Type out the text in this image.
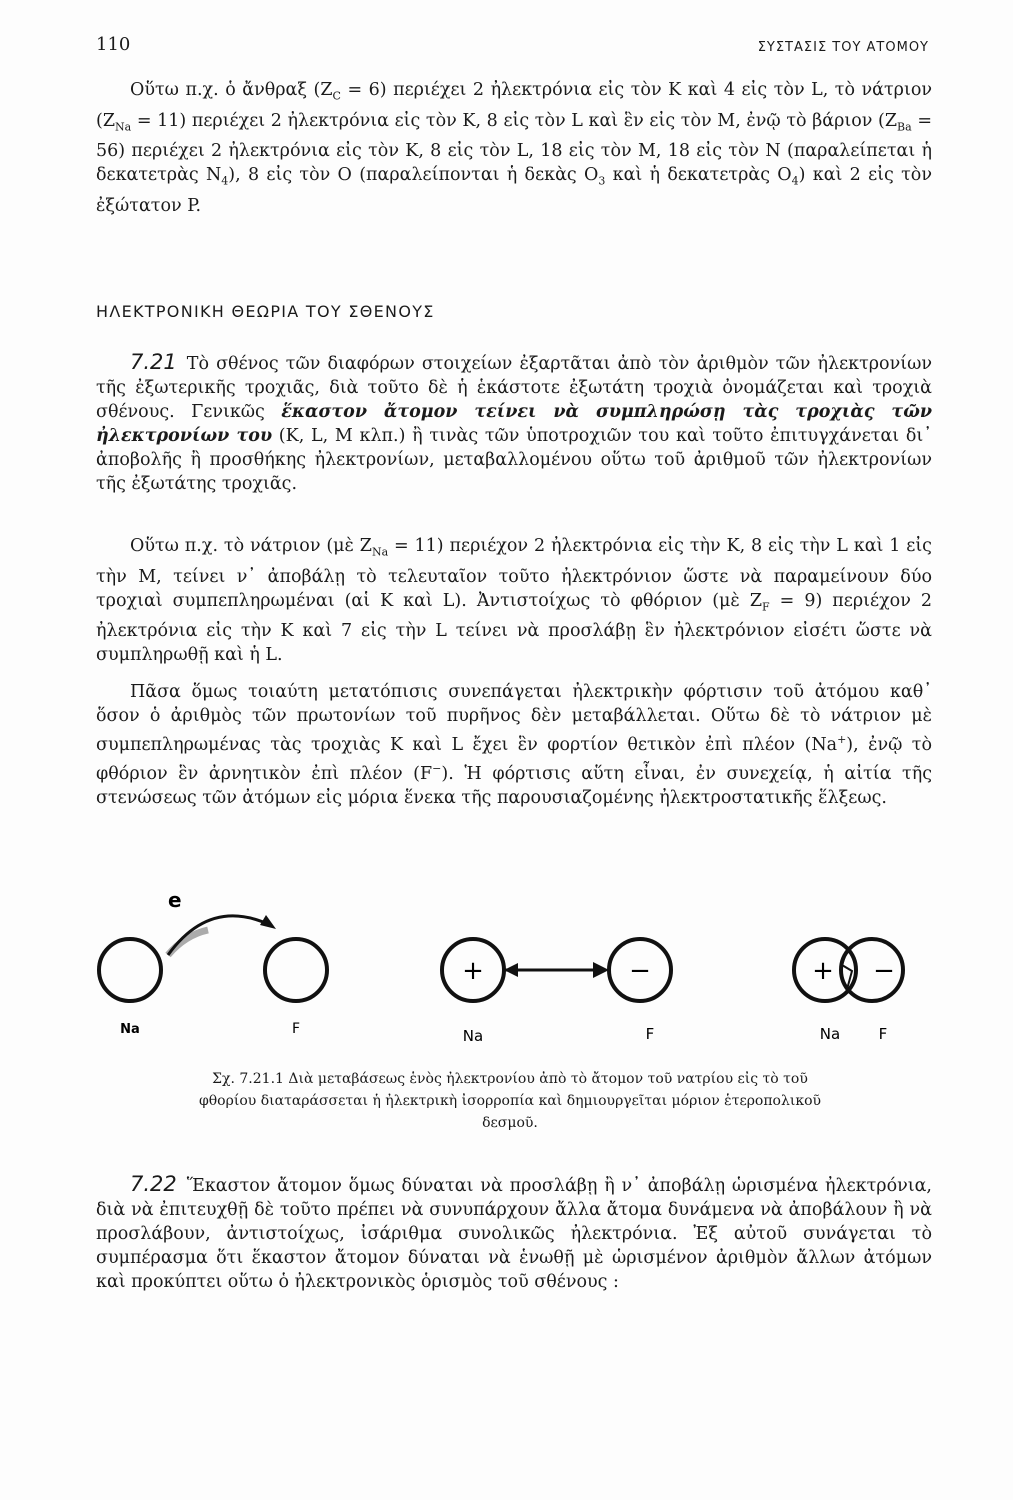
110	ΣΥΣΤΑΣΙΣ ΤΟΥ ΑΤΟΜΟΥ

Οὕτω π.χ. ὁ ἄνθραξ $(Z_C = 6)$ περιέχει 2 ἠλεκτρόνια εἰς τὸν Κ καὶ 4 εἰς τὸν L, τὸ νάτριον $(Z_{Na} = 11)$ περιέχει 2 ἠλεκτρόνια εἰς τὸν K, 8 εἰς τὸν L καὶ ἓν εἰς τὸν M, ἐνῷ τὸ βάριον $(Z_{Ba} = 56)$ περιέχει 2 ἠλεκτρόνια εἰς τὸν K, 8 εἰς τὸν L, 18 εἰς τὸν M, 18 εἰς τὸν N (παραλείπεται ἡ δεκατετρὰς $N_4$), 8 εἰς τὸν O (παραλείπονται ἡ δεκὰς $O_3$ καὶ ἡ δεκατετρὰς $O_4$) καὶ 2 εἰς τὸν ἐξώτατον P.

ΗΛΕΚΤΡΟΝΙΚΗ ΘΕΩΡΙΑ ΤΟΥ ΣΘΕΝΟΥΣ

7.21 Τὸ σθένος τῶν διαφόρων στοιχείων ἐξαρτᾶται ἀπὸ τὸν ἀριθμὸν τῶν ἠλεκτρονίων τῆς ἐξωτερικῆς τροχιᾶς, διὰ τοῦτο δὲ ἡ ἑκάστοτε ἐξωτάτη τροχιὰ ὀνομάζεται καὶ τροχιὰ σθένους. Γενικῶς ἕκαστον ἄτομον τείνει νὰ συμπληρώσῃ τὰς τροχιὰς τῶν ἠλεκτρονίων του (K, L, M κλπ.) ἢ τινὰς τῶν ὑποτροχιῶν του καὶ τοῦτο ἐπιτυγχάνεται δι᾽ ἀποβολῆς ἢ προσθήκης ἠλεκτρονίων, μεταβαλλομένου οὕτω τοῦ ἀριθμοῦ τῶν ἠλεκτρονίων τῆς ἐξωτάτης τροχιᾶς.

Οὕτω π.χ. τὸ νάτριον (μὲ $Z_{Na} = 11$) περιέχον 2 ἠλεκτρόνια εἰς τὴν K, 8 εἰς τὴν L καὶ 1 εἰς τὴν M, τείνει ν᾽ ἀποβάλῃ τὸ τελευταῖον τοῦτο ἠλεκτρόνιον ὥστε νὰ παραμείνουν δύο τροχιαὶ συμπεπληρωμέναι (αἱ K καὶ L). Ἀντιστοίχως τὸ φθόριον (μὲ $Z_F = 9$) περιέχον 2 ἠλεκτρόνια εἰς τὴν K καὶ 7 εἰς τὴν L τείνει νὰ προσλάβῃ ἓν ἠλεκτρόνιον εἰσέτι ὥστε νὰ συμπληρωθῇ καὶ ἡ L.

Πᾶσα ὅμως τοιαύτη μετατόπισις συνεπάγεται ἠλεκτρικὴν φόρτισιν τοῦ ἀτόμου καθ᾽ ὅσον ὁ ἀριθμὸς τῶν πρωτονίων τοῦ πυρῆνος δὲν μεταβάλλεται. Οὕτω δὲ τὸ νάτριον μὲ συμπεπληρωμένας τὰς τροχιὰς K καὶ L ἔχει ἓν φορτίον θετικὸν ἐπὶ πλέον (Na+), ἐνῷ τὸ φθόριον ἓν ἀρνητικὸν ἐπὶ πλέον (F−). Ἡ φόρτισις αὕτη εἶναι, ἐν συνεχείᾳ, ἡ αἰτία τῆς στενώσεως τῶν ἀτόμων εἰς μόρια ἕνεκα τῆς παρουσιαζομένης ἠλεκτροστατικῆς ἕλξεως.

e
+	−	+ −
Na	F	Na	F	Na	F
Σχ. 7.21.1 Διὰ μεταβάσεως ἑνὸς ἠλεκτρονίου ἀπὸ τὸ ἄτομον τοῦ νατρίου εἰς τὸ τοῦ φθορίου διαταράσσεται ἡ ἠλεκτρικὴ ἰσορροπία καὶ δημιουργεῖται μόριον ἑτεροπολικοῦ δεσμοῦ.

7.22 Ἕκαστον ἄτομον ὅμως δύναται νὰ προσλάβῃ ἢ ν᾽ ἀποβάλῃ ὡρισμένα ἠλεκτρόνια, διὰ νὰ ἐπιτευχθῇ δὲ τοῦτο πρέπει νὰ συνυπάρχουν ἄλλα ἄτομα δυνάμενα νὰ ἀποβάλουν ἢ νὰ προσλάβουν, ἀντιστοίχως, ἰσάριθμα συνολικῶς ἠλεκτρόνια. Ἐξ αὐτοῦ συνάγεται τὸ συμπέρασμα ὅτι ἕκαστον ἄτομον δύναται νὰ ἑνωθῇ μὲ ὡρισμένον ἀριθμὸν ἄλλων ἀτόμων καὶ προκύπτει οὕτω ὁ ἠλεκτρονικὸς ὁρισμὸς τοῦ σθένους :
